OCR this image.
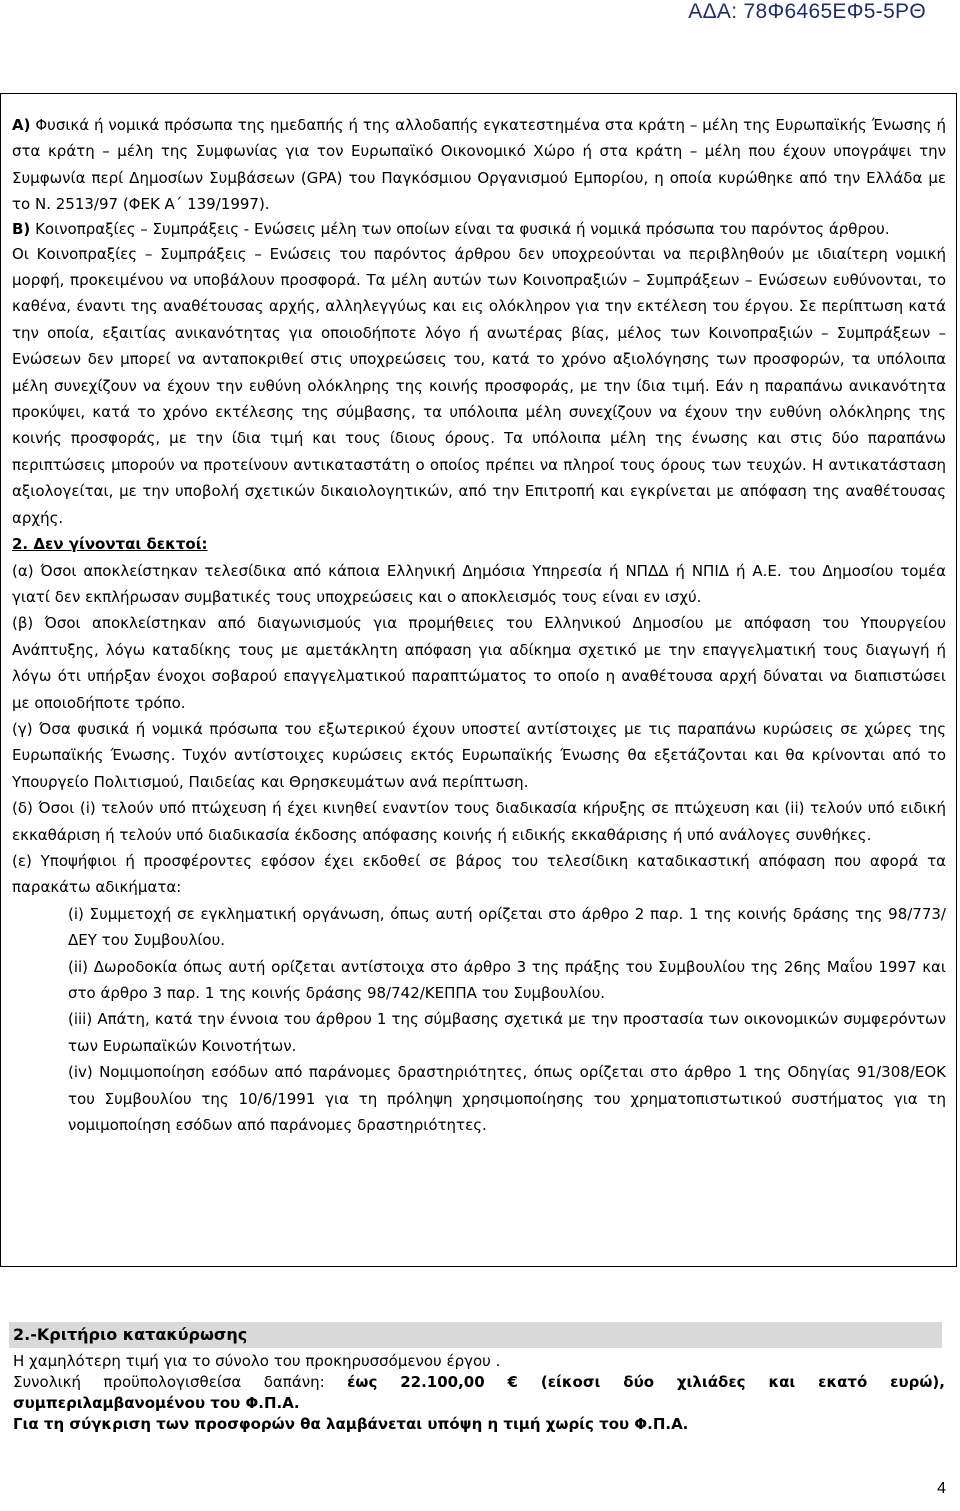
ΑΔΑ: 78Φ6465ΕΦ5-5ΡΘ

Α) Φυσικά ή νομικά πρόσωπα της ημεδαπής ή της αλλοδαπής εγκατεστημένα στα κράτη – μέλη της Ευρωπαϊκής Ένωσης ή στα κράτη – μέλη της Συμφωνίας για τον Ευρωπαϊκό Οικονομικό Χώρο ή στα κράτη – μέλη που έχουν υπογράψει την Συμφωνία περί Δημοσίων Συμβάσεων (GPA) του Παγκόσμιου Οργανισμού Εμπορίου, η οποία κυρώθηκε από την Ελλάδα με το Ν. 2513/97 (ΦΕΚ Α΄ 139/1997).

Β) Κοινοπραξίες – Συμπράξεις - Ενώσεις μέλη των οποίων είναι τα φυσικά ή νομικά πρόσωπα του παρόντος άρθρου.

Οι Κοινοπραξίες – Συμπράξεις – Ενώσεις του παρόντος άρθρου δεν υποχρεούνται να περιβληθούν με ιδιαίτερη νομική μορφή, προκειμένου να υποβάλουν προσφορά. Τα μέλη αυτών των Κοινοπραξιών – Συμπράξεων – Ενώσεων ευθύνονται, το καθένα, έναντι της αναθέτουσας αρχής, αλληλεγγύως και εις ολόκληρον για την εκτέλεση του έργου. Σε περίπτωση κατά την οποία, εξαιτίας ανικανότητας για οποιοδήποτε λόγο ή ανωτέρας βίας, μέλος των Κοινοπραξιών – Συμπράξεων – Ενώσεων δεν μπορεί να ανταποκριθεί στις υποχρεώσεις του, κατά το χρόνο αξιολόγησης των προσφορών, τα υπόλοιπα μέλη συνεχίζουν να έχουν την ευθύνη ολόκληρης της κοινής προσφοράς, με την ίδια τιμή. Εάν η παραπάνω ανικανότητα προκύψει, κατά το χρόνο εκτέλεσης της σύμβασης, τα υπόλοιπα μέλη συνεχίζουν να έχουν την ευθύνη ολόκληρης της κοινής προσφοράς, με την ίδια τιμή και τους ίδιους όρους. Τα υπόλοιπα μέλη της ένωσης και στις δύο παραπάνω περιπτώσεις μπορούν να προτείνουν αντικαταστάτη ο οποίος πρέπει να πληροί τους όρους των τευχών. Η αντικατάσταση αξιολογείται, με την υποβολή σχετικών δικαιολογητικών, από την Επιτροπή και εγκρίνεται με απόφαση της αναθέτουσας αρχής.

2. Δεν γίνονται δεκτοί:

(α) Όσοι αποκλείστηκαν τελεσίδικα από κάποια Ελληνική Δημόσια Υπηρεσία ή ΝΠΔΔ ή ΝΠΙΔ ή Α.Ε. του Δημοσίου τομέα γιατί δεν εκπλήρωσαν συμβατικές τους υποχρεώσεις και ο αποκλεισμός τους είναι εν ισχύ.

(β) Όσοι αποκλείστηκαν από διαγωνισμούς για προμήθειες του Ελληνικού Δημοσίου με απόφαση του Υπουργείου Ανάπτυξης, λόγω καταδίκης τους με αμετάκλητη απόφαση για αδίκημα σχετικό με την επαγγελματική τους διαγωγή ή λόγω ότι υπήρξαν ένοχοι σοβαρού επαγγελματικού παραπτώματος το οποίο η αναθέτουσα αρχή δύναται να διαπιστώσει με οποιοδήποτε τρόπο.

(γ) Όσα φυσικά ή νομικά πρόσωπα του εξωτερικού έχουν υποστεί αντίστοιχες με τις παραπάνω κυρώσεις σε χώρες της Ευρωπαϊκής Ένωσης. Τυχόν αντίστοιχες κυρώσεις εκτός Ευρωπαϊκής Ένωσης θα εξετάζονται και θα κρίνονται από το Υπουργείο Πολιτισμού, Παιδείας και Θρησκευμάτων ανά περίπτωση.

(δ) Όσοι (i) τελούν υπό πτώχευση ή έχει κινηθεί εναντίον τους διαδικασία κήρυξης σε πτώχευση και (ii) τελούν υπό ειδική εκκαθάριση ή τελούν υπό διαδικασία έκδοσης απόφασης κοινής ή ειδικής εκκαθάρισης ή υπό ανάλογες συνθήκες.

(ε) Υποψήφιοι ή προσφέροντες εφόσον έχει εκδοθεί σε βάρος του τελεσίδικη καταδικαστική απόφαση που αφορά τα παρακάτω αδικήματα:

(i) Συμμετοχή σε εγκληματική οργάνωση, όπως αυτή ορίζεται στο άρθρο 2 παρ. 1 της κοινής δράσης της 98/773/ΔΕΥ του Συμβουλίου.

(ii) Δωροδοκία όπως αυτή ορίζεται αντίστοιχα στο άρθρο 3 της πράξης του Συμβουλίου της 26ης Μαΐου 1997 και στο άρθρο 3 παρ. 1 της κοινής δράσης 98/742/ΚΕΠΠΑ του Συμβουλίου.

(iii) Απάτη, κατά την έννοια του άρθρου 1 της σύμβασης σχετικά με την προστασία των οικονομικών συμφερόντων των Ευρωπαϊκών Κοινοτήτων.

(iv) Νομιμοποίηση εσόδων από παράνομες δραστηριότητες, όπως ορίζεται στο άρθρο 1 της Οδηγίας 91/308/ΕΟΚ του Συμβουλίου της 10/6/1991 για τη πρόληψη χρησιμοποίησης του χρηματοπιστωτικού συστήματος για τη νομιμοποίηση εσόδων από παράνομες δραστηριότητες.

2.-Κριτήριο κατακύρωσης

Η χαμηλότερη τιμή για το σύνολο του προκηρυσσόμενου έργου .

Συνολική προϋπολογισθείσα δαπάνη: έως 22.100,00 € (είκοσι δύο χιλιάδες και εκατό ευρώ), συμπεριλαμβανομένου του Φ.Π.Α.

Για τη σύγκριση των προσφορών θα λαμβάνεται υπόψη η τιμή χωρίς του Φ.Π.Α.

4
